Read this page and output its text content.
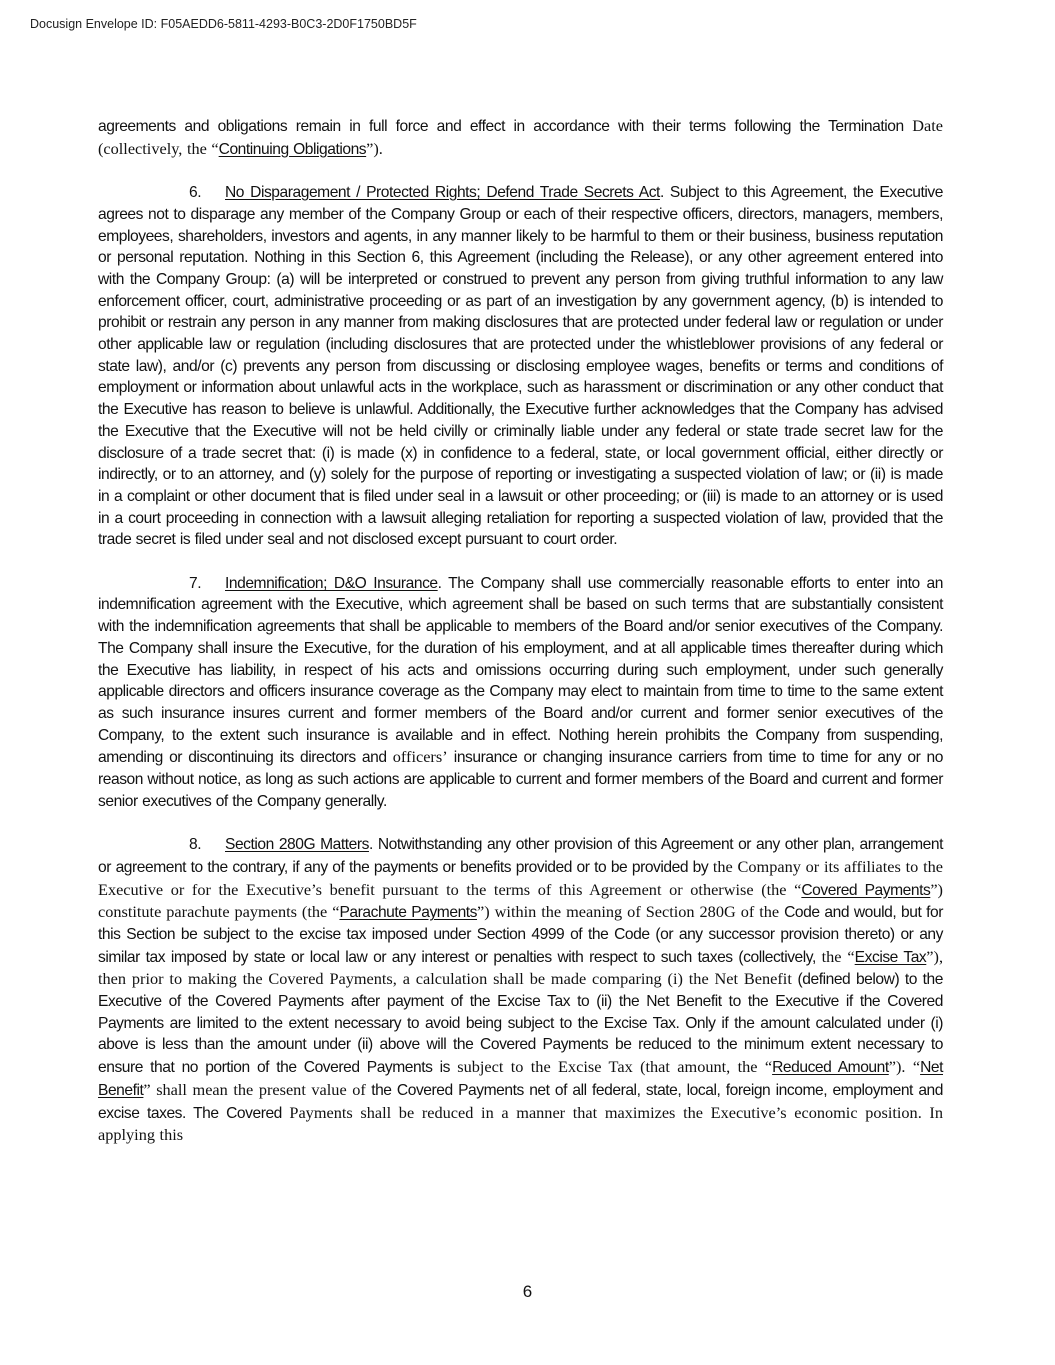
Docusign Envelope ID: F05AEDD6-5811-4293-B0C3-2D0F1750BD5F

agreements and obligations remain in full force and effect in accordance with their terms following the Termination Date (collectively, the “Continuing Obligations”).

6. No Disparagement / Protected Rights; Defend Trade Secrets Act. Subject to this Agreement, the Executive agrees not to disparage any member of the Company Group or each of their respective officers, directors, managers, members, employees, shareholders, investors and agents, in any manner likely to be harmful to them or their business, business reputation or personal reputation. Nothing in this Section 6, this Agreement (including the Release), or any other agreement entered into with the Company Group: (a) will be interpreted or construed to prevent any person from giving truthful information to any law enforcement officer, court, administrative proceeding or as part of an investigation by any government agency, (b) is intended to prohibit or restrain any person in any manner from making disclosures that are protected under federal law or regulation or under other applicable law or regulation (including disclosures that are protected under the whistleblower provisions of any federal or state law), and/or (c) prevents any person from discussing or disclosing employee wages, benefits or terms and conditions of employment or information about unlawful acts in the workplace, such as harassment or discrimination or any other conduct that the Executive has reason to believe is unlawful. Additionally, the Executive further acknowledges that the Company has advised the Executive that the Executive will not be held civilly or criminally liable under any federal or state trade secret law for the disclosure of a trade secret that: (i) is made (x) in confidence to a federal, state, or local government official, either directly or indirectly, or to an attorney, and (y) solely for the purpose of reporting or investigating a suspected violation of law; or (ii) is made in a complaint or other document that is filed under seal in a lawsuit or other proceeding; or (iii) is made to an attorney or is used in a court proceeding in connection with a lawsuit alleging retaliation for reporting a suspected violation of law, provided that the trade secret is filed under seal and not disclosed except pursuant to court order.

7. Indemnification; D&O Insurance. The Company shall use commercially reasonable efforts to enter into an indemnification agreement with the Executive, which agreement shall be based on such terms that are substantially consistent with the indemnification agreements that shall be applicable to members of the Board and/or senior executives of the Company. The Company shall insure the Executive, for the duration of his employment, and at all applicable times thereafter during which the Executive has liability, in respect of his acts and omissions occurring during such employment, under such generally applicable directors and officers insurance coverage as the Company may elect to maintain from time to time to the same extent as such insurance insures current and former members of the Board and/or current and former senior executives of the Company, to the extent such insurance is available and in effect. Nothing herein prohibits the Company from suspending, amending or discontinuing its directors and officers’ insurance or changing insurance carriers from time to time for any or no reason without notice, as long as such actions are applicable to current and former members of the Board and current and former senior executives of the Company generally.

8. Section 280G Matters. Notwithstanding any other provision of this Agreement or any other plan, arrangement or agreement to the contrary, if any of the payments or benefits provided or to be provided by the Company or its affiliates to the Executive or for the Executive’s benefit pursuant to the terms of this Agreement or otherwise (the “Covered Payments”) constitute parachute payments (the “Parachute Payments”) within the meaning of Section 280G of the Code and would, but for this Section be subject to the excise tax imposed under Section 4999 of the Code (or any successor provision thereto) or any similar tax imposed by state or local law or any interest or penalties with respect to such taxes (collectively, the “Excise Tax”), then prior to making the Covered Payments, a calculation shall be made comparing (i) the Net Benefit (defined below) to the Executive of the Covered Payments after payment of the Excise Tax to (ii) the Net Benefit to the Executive if the Covered Payments are limited to the extent necessary to avoid being subject to the Excise Tax. Only if the amount calculated under (i) above is less than the amount under (ii) above will the Covered Payments be reduced to the minimum extent necessary to ensure that no portion of the Covered Payments is subject to the Excise Tax (that amount, the “Reduced Amount”). “Net Benefit” shall mean the present value of the Covered Payments net of all federal, state, local, foreign income, employment and excise taxes. The Covered Payments shall be reduced in a manner that maximizes the Executive’s economic position. In applying this

6
